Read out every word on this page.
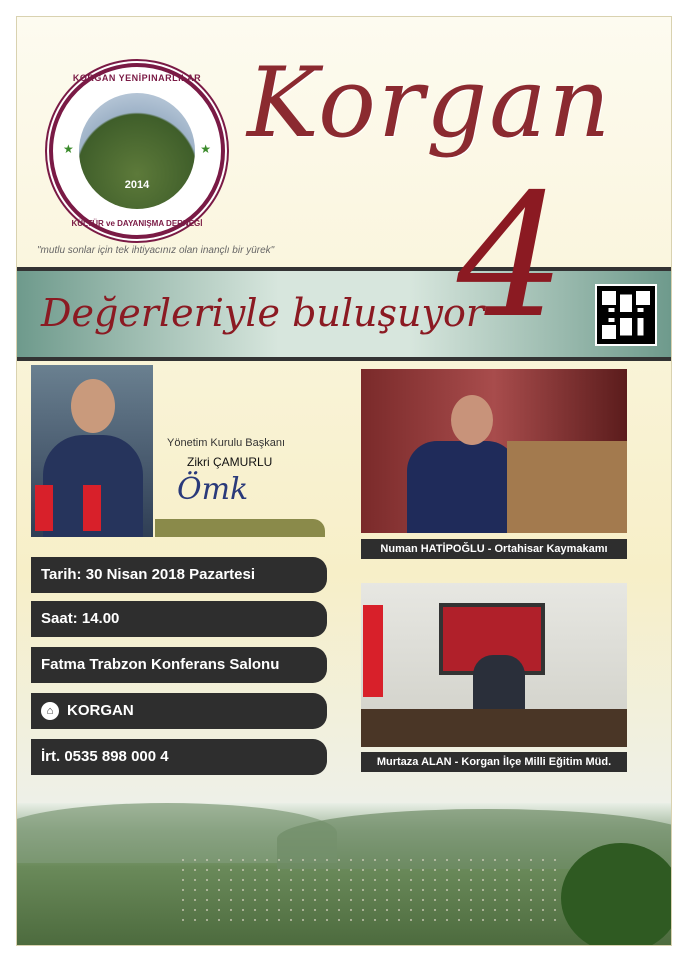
KORGAN YENİPINARLILAR
★	★
2014
KÜLTÜR ve DAYANIŞMA DERNEĞİ
Korgan
4
"mutlu sonlar için tek ihtiyacınız olan inançlı bir yürek"
Değerleriyle buluşuyor
Yönetim Kurulu Başkanı
Zikri ÇAMURLU
Ömk
Numan HATİPOĞLU - Ortahisar Kaymakamı
Murtaza ALAN - Korgan İlçe Milli Eğitim Müd.
Tarih: 30 Nisan 2018 Pazartesi
Saat: 14.00
Fatma Trabzon Konferans Salonu
⌂ KORGAN
İrt. 0535 898 000 4
